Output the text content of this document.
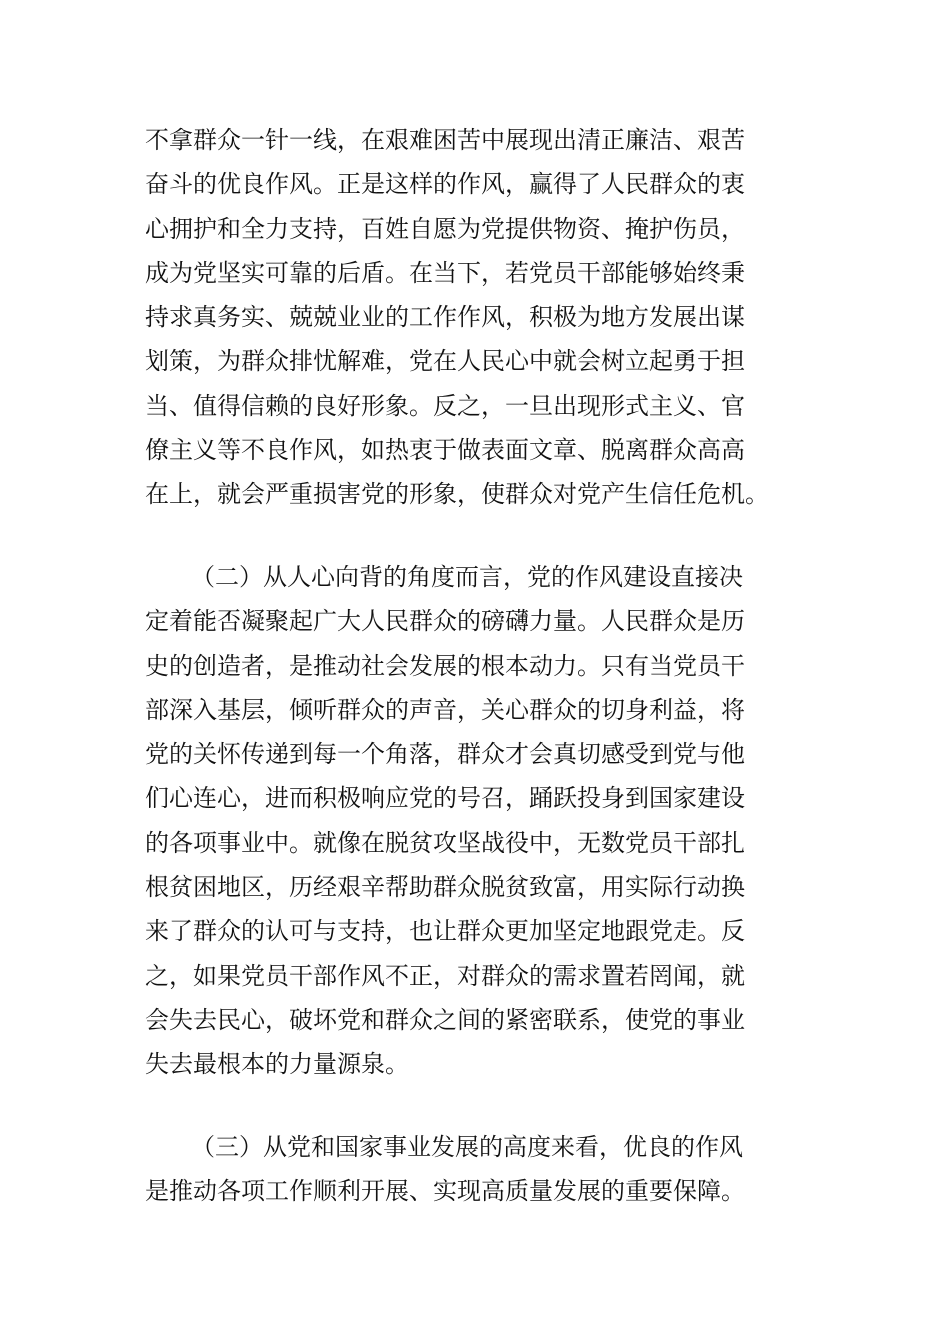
不拿群众一针一线，在艰难困苦中展现出清正廉洁、艰苦
奋斗的优良作风。正是这样的作风，赢得了人民群众的衷
心拥护和全力支持，百姓自愿为党提供物资、掩护伤员，
成为党坚实可靠的后盾。在当下，若党员干部能够始终秉
持求真务实、兢兢业业的工作作风，积极为地方发展出谋
划策，为群众排忧解难，党在人民心中就会树立起勇于担
当、值得信赖的良好形象。反之，一旦出现形式主义、官
僚主义等不良作风，如热衷于做表面文章、脱离群众高高
在上，就会严重损害党的形象，使群众对党产生信任危机。
（二）从人心向背的角度而言，党的作风建设直接决
定着能否凝聚起广大人民群众的磅礴力量。人民群众是历
史的创造者，是推动社会发展的根本动力。只有当党员干
部深入基层，倾听群众的声音，关心群众的切身利益，将
党的关怀传递到每一个角落，群众才会真切感受到党与他
们心连心，进而积极响应党的号召，踊跃投身到国家建设
的各项事业中。就像在脱贫攻坚战役中，无数党员干部扎
根贫困地区，历经艰辛帮助群众脱贫致富，用实际行动换
来了群众的认可与支持，也让群众更加坚定地跟党走。反
之，如果党员干部作风不正，对群众的需求置若罔闻，就
会失去民心，破坏党和群众之间的紧密联系，使党的事业
失去最根本的力量源泉。
（三）从党和国家事业发展的高度来看，优良的作风
是推动各项工作顺利开展、实现高质量发展的重要保障。
